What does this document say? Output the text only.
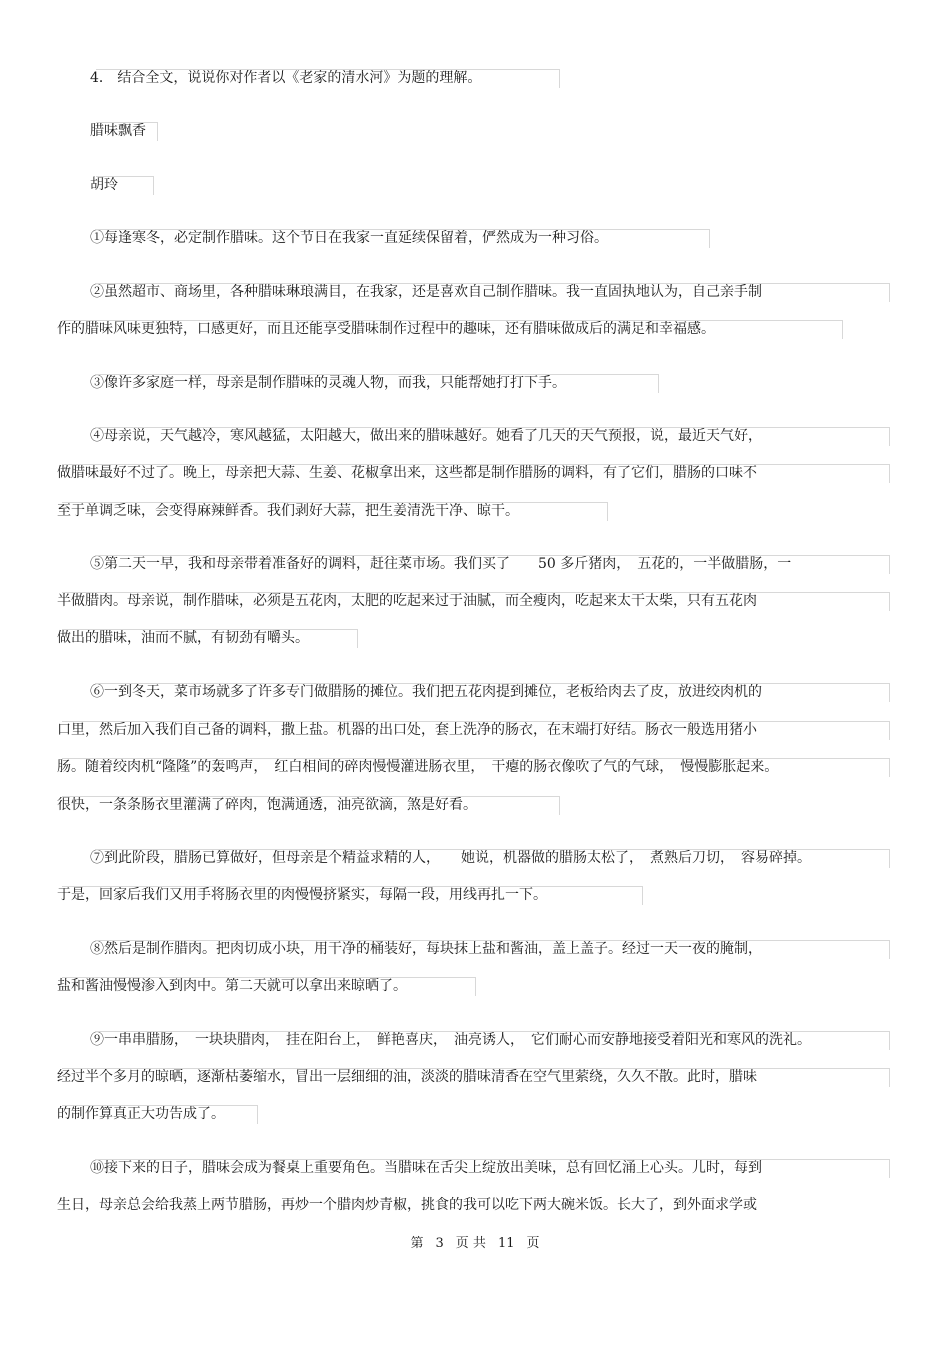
4． 结合全文，说说你对作者以《老家的清水河》为题的理解。
腊味飘香
胡玲
①每逢寒冬，必定制作腊味。这个节日在我家一直延续保留着，俨然成为一种习俗。
②虽然超市、商场里，各种腊味琳琅满目，在我家，还是喜欢自己制作腊味。我一直固执地认为，自己亲手制
作的腊味风味更独特，口感更好，而且还能享受腊味制作过程中的趣味，还有腊味做成后的满足和幸福感。
③像许多家庭一样，母亲是制作腊味的灵魂人物，而我，只能帮她打打下手。
④母亲说，天气越冷，寒风越猛，太阳越大，做出来的腊味越好。她看了几天的天气预报，说，最近天气好，
做腊味最好不过了。晚上，母亲把大蒜、生姜、花椒拿出来，这些都是制作腊肠的调料，有了它们，腊肠的口味不
至于单调乏味，会变得麻辣鲜香。我们剥好大蒜，把生姜清洗干净、晾干。
⑤第二天一早，我和母亲带着准备好的调料，赶往菜市场。我们买了　　50 多斤猪肉，　五花的，一半做腊肠，一
半做腊肉。母亲说，制作腊味，必须是五花肉，太肥的吃起来过于油腻，而全瘦肉，吃起来太干太柴，只有五花肉
做出的腊味，油而不腻，有韧劲有嚼头。
⑥一到冬天，菜市场就多了许多专门做腊肠的摊位。我们把五花肉提到摊位，老板给肉去了皮，放进绞肉机的
口里，然后加入我们自己备的调料，撒上盐。机器的出口处，套上洗净的肠衣，在末端打好结。肠衣一般选用猪小
肠。随着绞肉机“隆隆”的轰鸣声，　红白相间的碎肉慢慢灌进肠衣里，　干瘪的肠衣像吹了气的气球，　慢慢膨胀起来。
很快，一条条肠衣里灌满了碎肉，饱满通透，油亮欲滴，煞是好看。
⑦到此阶段，腊肠已算做好，但母亲是个精益求精的人，　　她说，机器做的腊肠太松了，　煮熟后刀切，　容易碎掉。
于是，回家后我们又用手将肠衣里的肉慢慢挤紧实，每隔一段，用线再扎一下。
⑧然后是制作腊肉。把肉切成小块，用干净的桶装好，每块抹上盐和酱油，盖上盖子。经过一天一夜的腌制，
盐和酱油慢慢渗入到肉中。第二天就可以拿出来晾晒了。
⑨一串串腊肠，　一块块腊肉，　挂在阳台上，　鲜艳喜庆，　油亮诱人，　它们耐心而安静地接受着阳光和寒风的洗礼。
经过半个多月的晾晒，逐渐枯萎缩水，冒出一层细细的油，淡淡的腊味清香在空气里萦绕，久久不散。此时，腊味
的制作算真正大功告成了。
⑩接下来的日子，腊味会成为餐桌上重要角色。当腊味在舌尖上绽放出美味，总有回忆涌上心头。儿时，每到
生日，母亲总会给我蒸上两节腊肠，再炒一个腊肉炒青椒，挑食的我可以吃下两大碗米饭。长大了，到外面求学或
第 3 页 共 11 页
